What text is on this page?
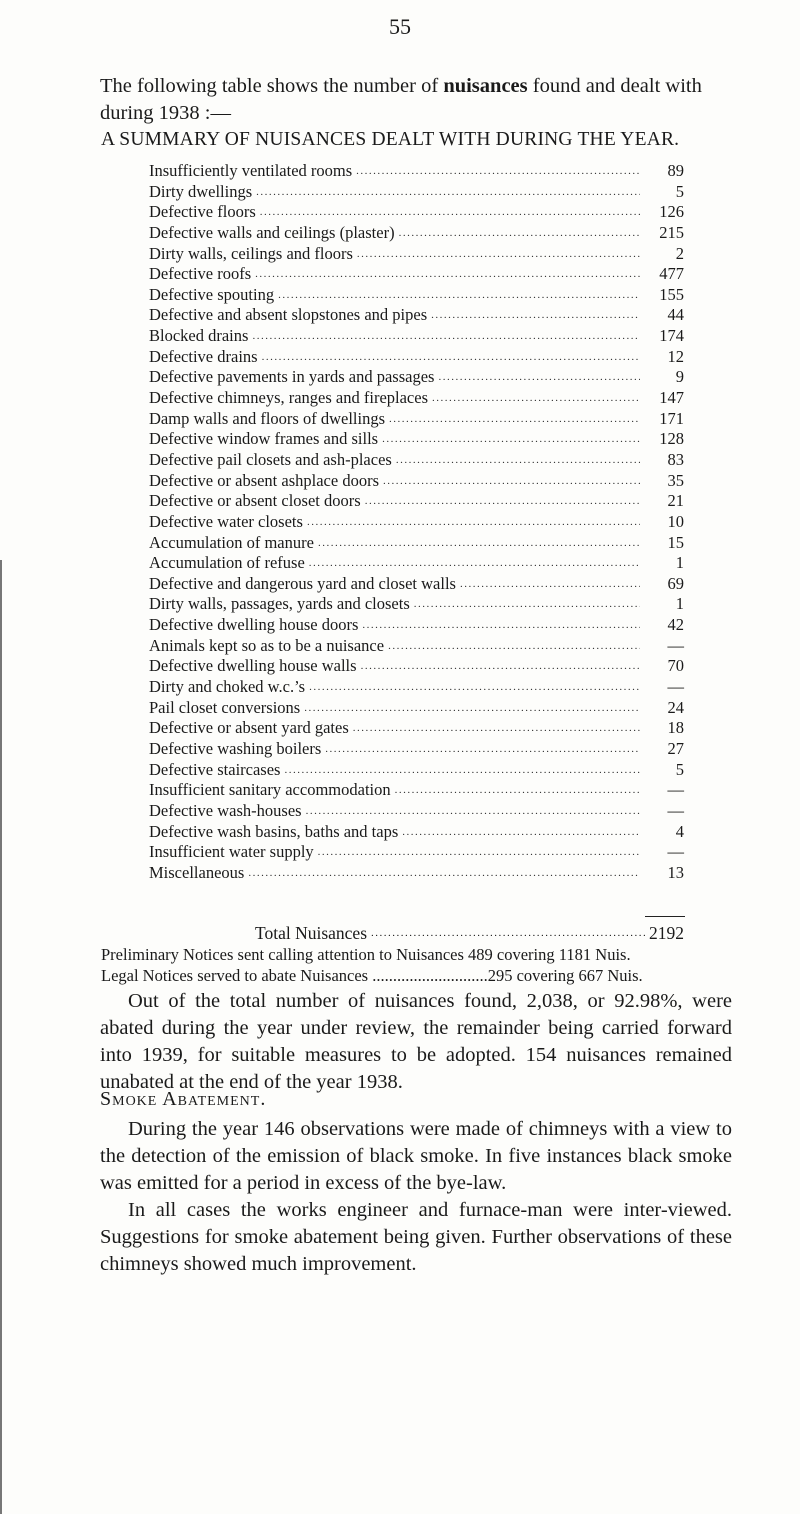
55
The following table shows the number of nuisances found and dealt with during 1938 :—
A SUMMARY OF NUISANCES DEALT WITH DURING THE YEAR.
Insufficiently ventilated rooms .....	89
Dirty dwellings .....	5
Defective floors .....	126
Defective walls and ceilings (plaster) .....	215
Dirty walls, ceilings and floors .....	2
Defective roofs .....	477
Defective spouting .....	155
Defective and absent slopstones and pipes .....	44
Blocked drains .....	174
Defective drains .....	12
Defective pavements in yards and passages .....	9
Defective chimneys, ranges and fireplaces .....	147
Damp walls and floors of dwellings .....	171
Defective window frames and sills .....	128
Defective pail closets and ash-places .....	83
Defective or absent ashplace doors .....	35
Defective or absent closet doors .....	21
Defective water closets .....	10
Accumulation of manure .....	15
Accumulation of refuse .....	1
Defective and dangerous yard and closet walls .....	69
Dirty walls, passages, yards and closets .....	1
Defective dwelling house doors .....	42
Animals kept so as to be a nuisance .....	—
Defective dwelling house walls .....	70
Dirty and choked w.c.’s .....	—
Pail closet conversions .....	24
Defective or absent yard gates .....	18
Defective washing boilers .....	27
Defective staircases .....	5
Insufficient sanitary accommodation .....	—
Defective wash-houses .....	—
Defective wash basins, baths and taps .....	4
Insufficient water supply .....	—
Miscellaneous .....	13
Total Nuisances .....	2192
Preliminary Notices sent calling attention to Nuisances 489 covering 1181 Nuis.
Legal Notices served to abate Nuisances ............................295 covering 667 Nuis.
Out of the total number of nuisances found, 2,038, or 92.98%, were abated during the year under review, the remainder being carried forward into 1939, for suitable measures to be adopted. 154 nuisances remained unabated at the end of the year 1938.
Smoke Abatement.
During the year 146 observations were made of chimneys with a view to the detection of the emission of black smoke. In five instances black smoke was emitted for a period in excess of the bye-law.
In all cases the works engineer and furnace-man were inter-viewed. Suggestions for smoke abatement being given. Further observations of these chimneys showed much improvement.
